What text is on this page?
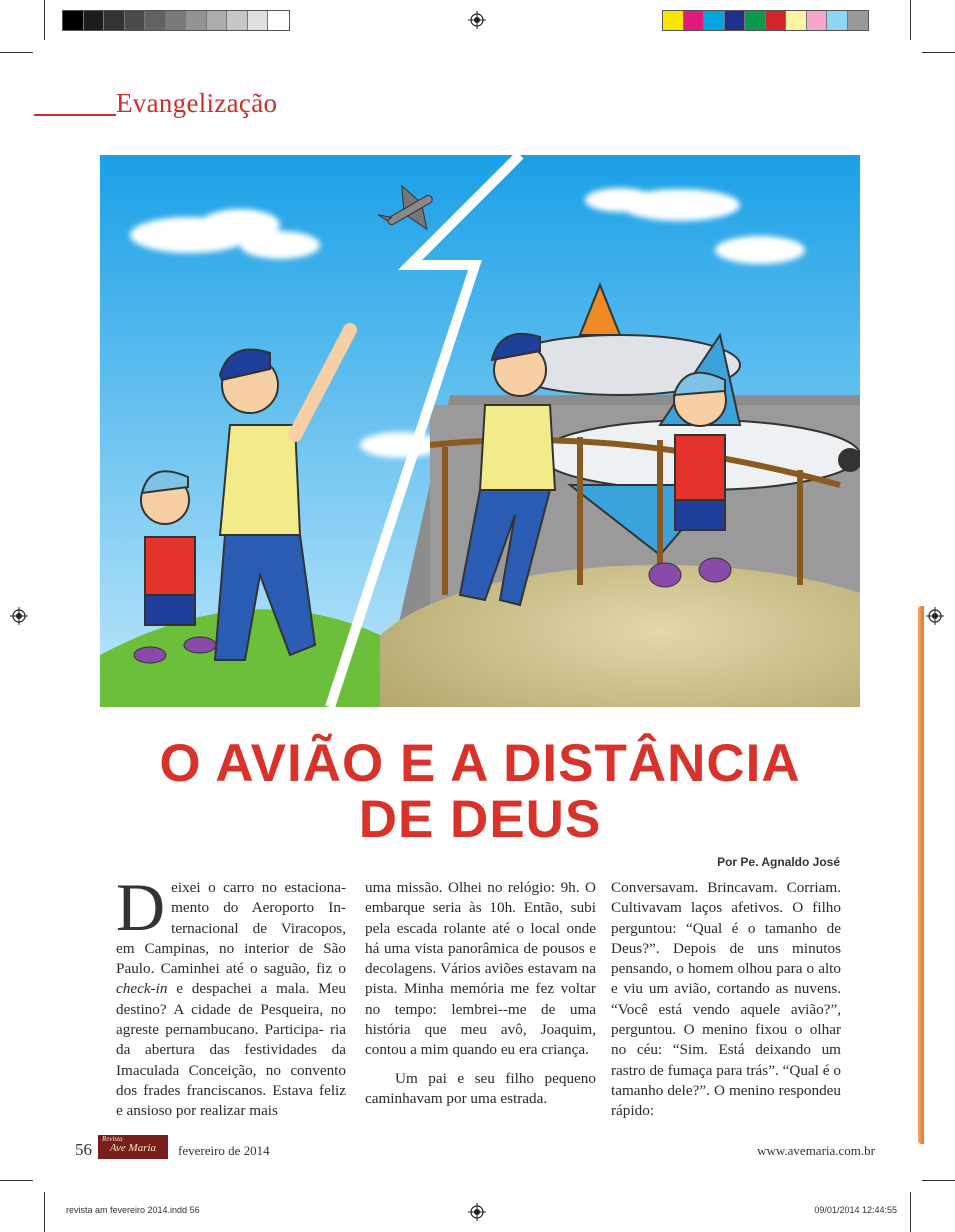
Evangelização
O AVIÃO E A DISTÂNCIA
DE DEUS
Por Pe. Agnaldo José
D eixei o carro no estaciona- mento do Aeroporto In- ternacional de Viracopos, em Campinas, no interior de São Paulo. Caminhei até o saguão, fiz o check-in e despachei a mala. Meu destino? A cidade de Pesqueira, no agreste pernambucano. Participa- ria da abertura das festividades da Imaculada Conceição, no convento dos frades franciscanos. Estava feliz e ansioso por realizar mais

uma missão. Olhei no relógio: 9h. O embarque seria às 10h. Então, subi pela escada rolante até o local onde há uma vista panorâmica de pousos e decolagens. Vários aviões estavam na pista. Minha memória me fez voltar no tempo: lembrei--me de uma história que meu avô, Joaquim, contou a mim quando eu era criança.

Um pai e seu filho pequeno caminhavam por uma estrada.

Conversavam. Brincavam. Corriam. Cultivavam laços afetivos. O filho perguntou: “Qual é o tamanho de Deus?”. Depois de uns minutos pensando, o homem olhou para o alto e viu um avião, cortando as nuvens. “Você está vendo aquele avião?”, perguntou. O menino fixou o olhar no céu: “Sim. Está deixando um rastro de fumaça para trás”. “Qual é o tamanho dele?”. O menino respondeu rápido:

56
Revista
Ave Maria	fevereiro de 2014	www.avemaria.com.br
revista am fevereiro 2014.indd 56	09/01/2014 12:44:55
